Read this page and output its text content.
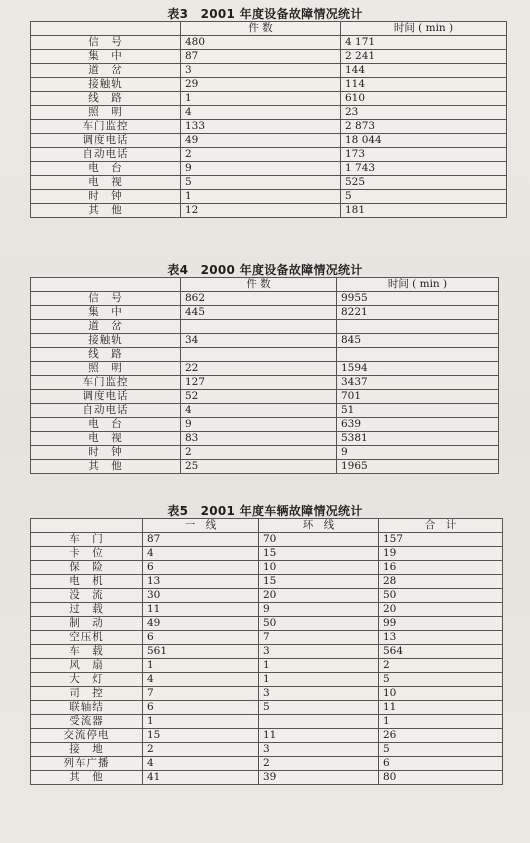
表3　2001 年度设备故障情况统计
	件 数	时间 ( min )
信　号	480	4 171
集　中	87	2 241
道　岔	3	144
接触轨	29	114
线　路	1	610
照　明	4	23
车门监控	133	2 873
调度电话	49	18 044
自动电话	2	173
电　台	9	1 743
电　视	5	525
时　钟	1	5
其　他	12	181
表4　2000 年度设备故障情况统计
	件 数	时间 ( min )
信　号	862	9955
集　中	445	8221
道　岔		
接触轨	34	845
线　路		
照　明	22	1594
车门监控	127	3437
调度电话	52	701
自动电话	4	51
电　台	9	639
电　视	83	5381
时　钟	2	9
其　他	25	1965
表5　2001 年度车辆故障情况统计
	一　线	环　线	合　计
车　门	87	70	157
卡　位	4	15	19
保　险	6	10	16
电　机	13	15	28
没　流	30	20	50
过　载	11	9	20
制　动	49	50	99
空压机	6	7	13
车　载	561	3	564
风　扇	1	1	2
大　灯	4	1	5
司　控	7	3	10
联轴结	6	5	11
受流器	1		1
交流停电	15	11	26
接　地	2	3	5
列车广播	4	2	6
其　他	41	39	80
